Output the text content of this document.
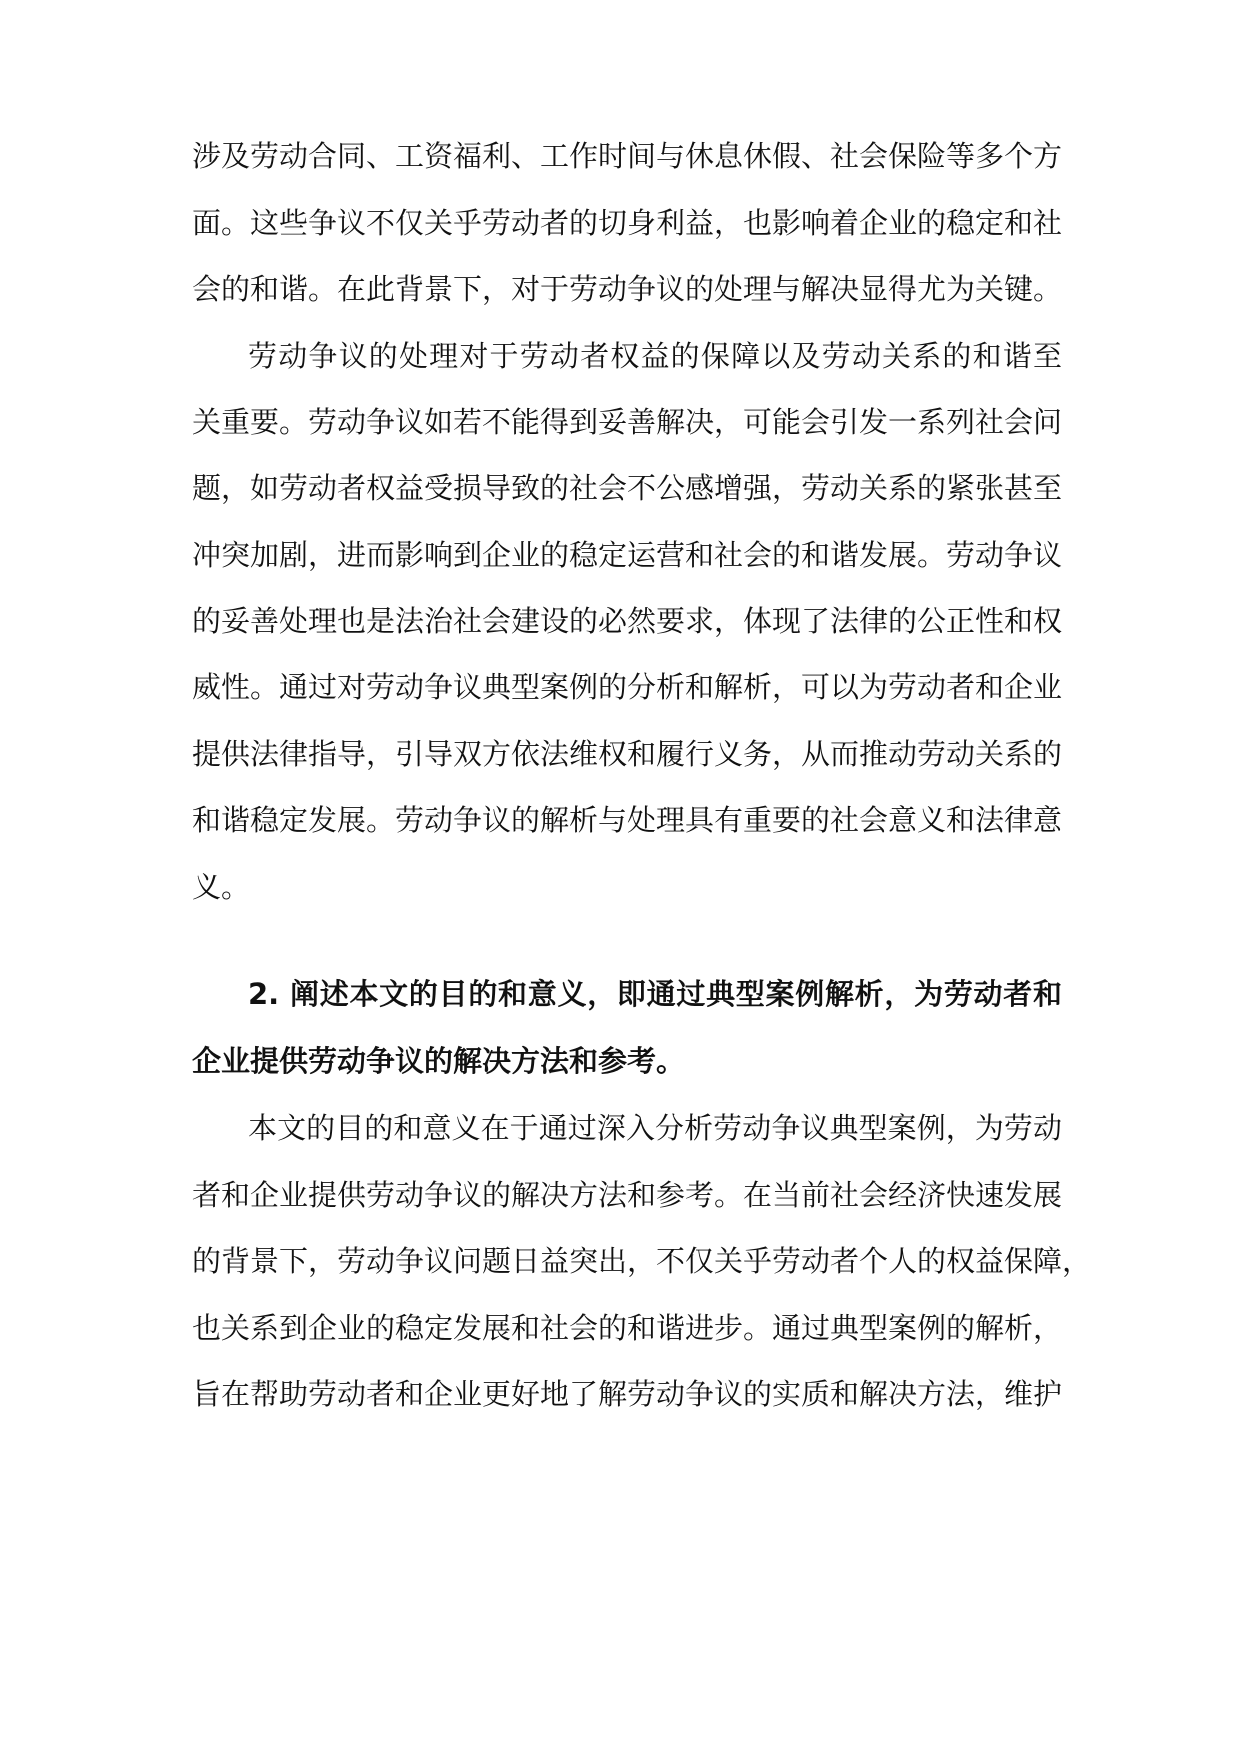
涉及劳动合同、工资福利、工作时间与休息休假、社会保险等多个方
面。这些争议不仅关乎劳动者的切身利益，也影响着企业的稳定和社
会的和谐。在此背景下，对于劳动争议的处理与解决显得尤为关键。
劳动争议的处理对于劳动者权益的保障以及劳动关系的和谐至
关重要。劳动争议如若不能得到妥善解决，可能会引发一系列社会问
题，如劳动者权益受损导致的社会不公感增强，劳动关系的紧张甚至
冲突加剧，进而影响到企业的稳定运营和社会的和谐发展。劳动争议
的妥善处理也是法治社会建设的必然要求，体现了法律的公正性和权
威性。通过对劳动争议典型案例的分析和解析，可以为劳动者和企业
提供法律指导，引导双方依法维权和履行义务，从而推动劳动关系的
和谐稳定发展。劳动争议的解析与处理具有重要的社会意义和法律意
义。
2. 阐述本文的目的和意义，即通过典型案例解析，为劳动者和
企业提供劳动争议的解决方法和参考。
本文的目的和意义在于通过深入分析劳动争议典型案例，为劳动
者和企业提供劳动争议的解决方法和参考。在当前社会经济快速发展
的背景下，劳动争议问题日益突出，不仅关乎劳动者个人的权益保障，
也关系到企业的稳定发展和社会的和谐进步。通过典型案例的解析，
旨在帮助劳动者和企业更好地了解劳动争议的实质和解决方法，维护
